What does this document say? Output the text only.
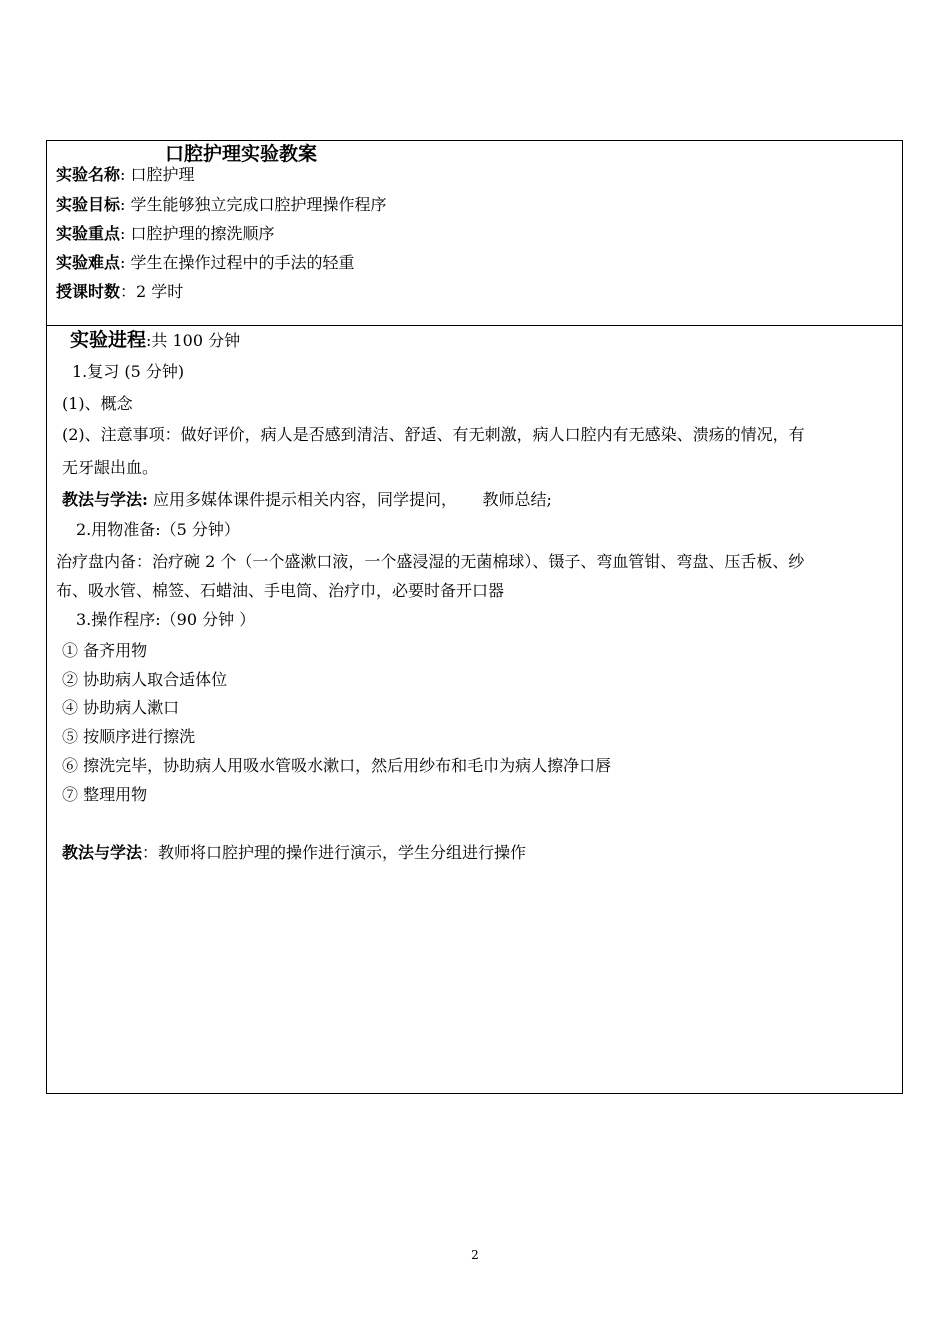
口腔护理实验教案
实验名称: 口腔护理
实验目标: 学生能够独立完成口腔护理操作程序
实验重点: 口腔护理的擦洗顺序
实验难点: 学生在操作过程中的手法的轻重
授课时数：2 学时
实验进程:共 100 分钟
1.复习 (5 分钟)
(1)、概念
(2)、注意事项：做好评价，病人是否感到清洁、舒适、有无刺激，病人口腔内有无感染、溃疡的情况，有
无牙龈出血。
教法与学法: 应用多媒体课件提示相关内容，同学提问，     教师总结;
2.用物准备:（5 分钟）
治疗盘内备：治疗碗 2 个（一个盛漱口液，一个盛浸湿的无菌棉球）、镊子、弯血管钳、弯盘、压舌板、纱
布、吸水管、棉签、石蜡油、手电筒、治疗巾，必要时备开口器
3.操作程序:（90 分钟 ）
① 备齐用物
② 协助病人取合适体位
④ 协助病人漱口
⑤ 按顺序进行擦洗
⑥ 擦洗完毕，协助病人用吸水管吸水漱口，然后用纱布和毛巾为病人擦净口唇
⑦ 整理用物
教法与学法：教师将口腔护理的操作进行演示，学生分组进行操作
2
